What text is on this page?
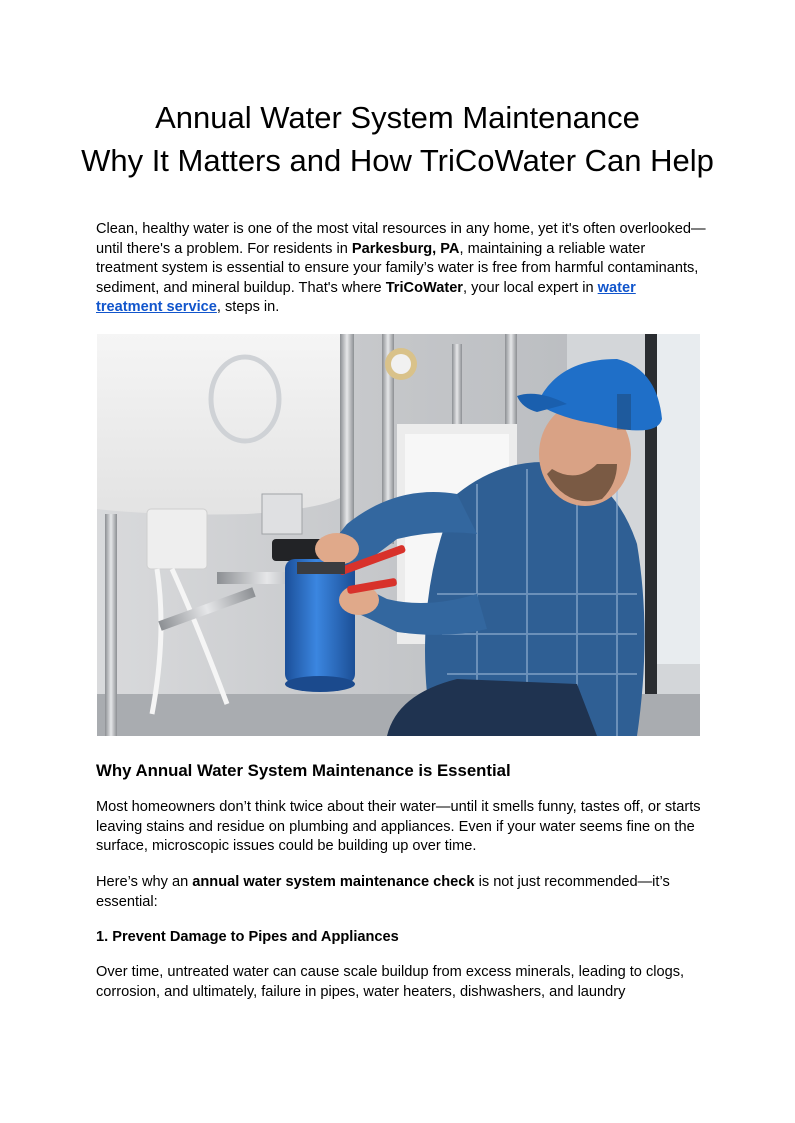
Annual Water System Maintenance
Why It Matters and How TriCoWater Can Help

Clean, healthy water is one of the most vital resources in any home, yet it's often overlooked—until there's a problem. For residents in Parkesburg, PA, maintaining a reliable water treatment system is essential to ensure your family’s water is free from harmful contaminants, sediment, and mineral buildup. That's where TriCoWater, your local expert in water treatment service, steps in.

Why Annual Water System Maintenance is Essential

Most homeowners don’t think twice about their water—until it smells funny, tastes off, or starts leaving stains and residue on plumbing and appliances. Even if your water seems fine on the surface, microscopic issues could be building up over time.

Here’s why an annual water system maintenance check is not just recommended—it’s essential:

1. Prevent Damage to Pipes and Appliances

Over time, untreated water can cause scale buildup from excess minerals, leading to clogs, corrosion, and ultimately, failure in pipes, water heaters, dishwashers, and laundry
